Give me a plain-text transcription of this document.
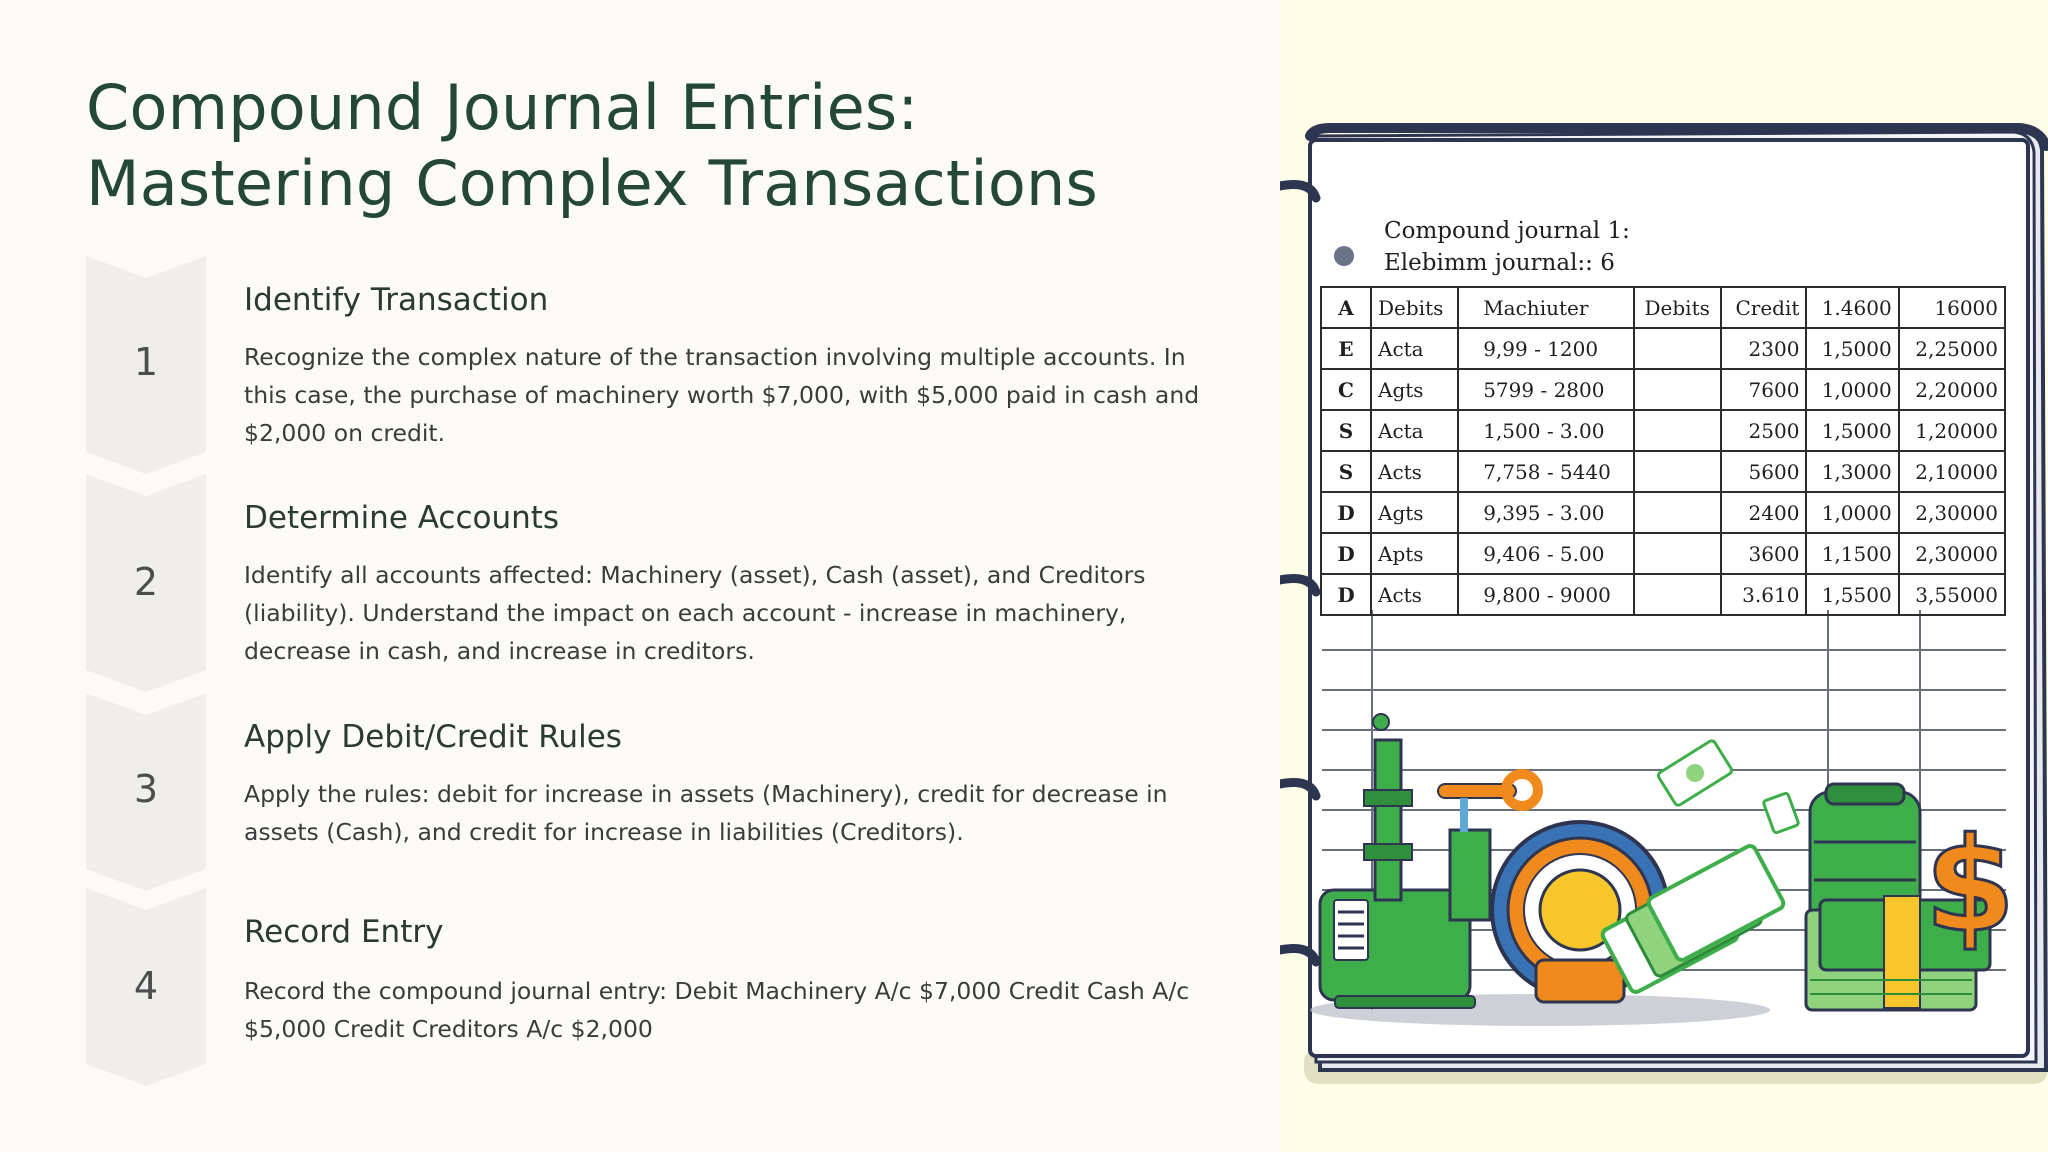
Compound Journal Entries: Mastering Complex Transactions
1
Identify Transaction

Recognize the complex nature of the transaction involving multiple accounts. In this case, the purchase of machinery worth $7,000, with $5,000 paid in cash and $2,000 on credit.

2
Determine Accounts

Identify all accounts affected: Machinery (asset), Cash (asset), and Creditors (liability). Understand the impact on each account - increase in machinery, decrease in cash, and increase in creditors.

3
Apply Debit/Credit Rules

Apply the rules: debit for increase in assets (Machinery), credit for decrease in assets (Cash), and credit for increase in liabilities (Creditors).

4
Record Entry

Record the compound journal entry: Debit Machinery A/c $7,000 Credit Cash A/c $5,000 Credit Creditors A/c $2,000

$
Compound journal 1:
Elebimm journal:: 6
A	Debits	Machiuter	Debits	Credit	1.4600	16000
E	Acta	9,99 - 1200		2300	1,5000	2,25000
C	Agts	5799 - 2800		7600	1,0000	2,20000
S	Acta	1,500 - 3.00		2500	1,5000	1,20000
S	Acts	7,758 - 5440		5600	1,3000	2,10000
D	Agts	9,395 - 3.00		2400	1,0000	2,30000
D	Apts	9,406 - 5.00		3600	1,1500	2,30000
D	Acts	9,800 - 9000		3.610	1,5500	3,55000
